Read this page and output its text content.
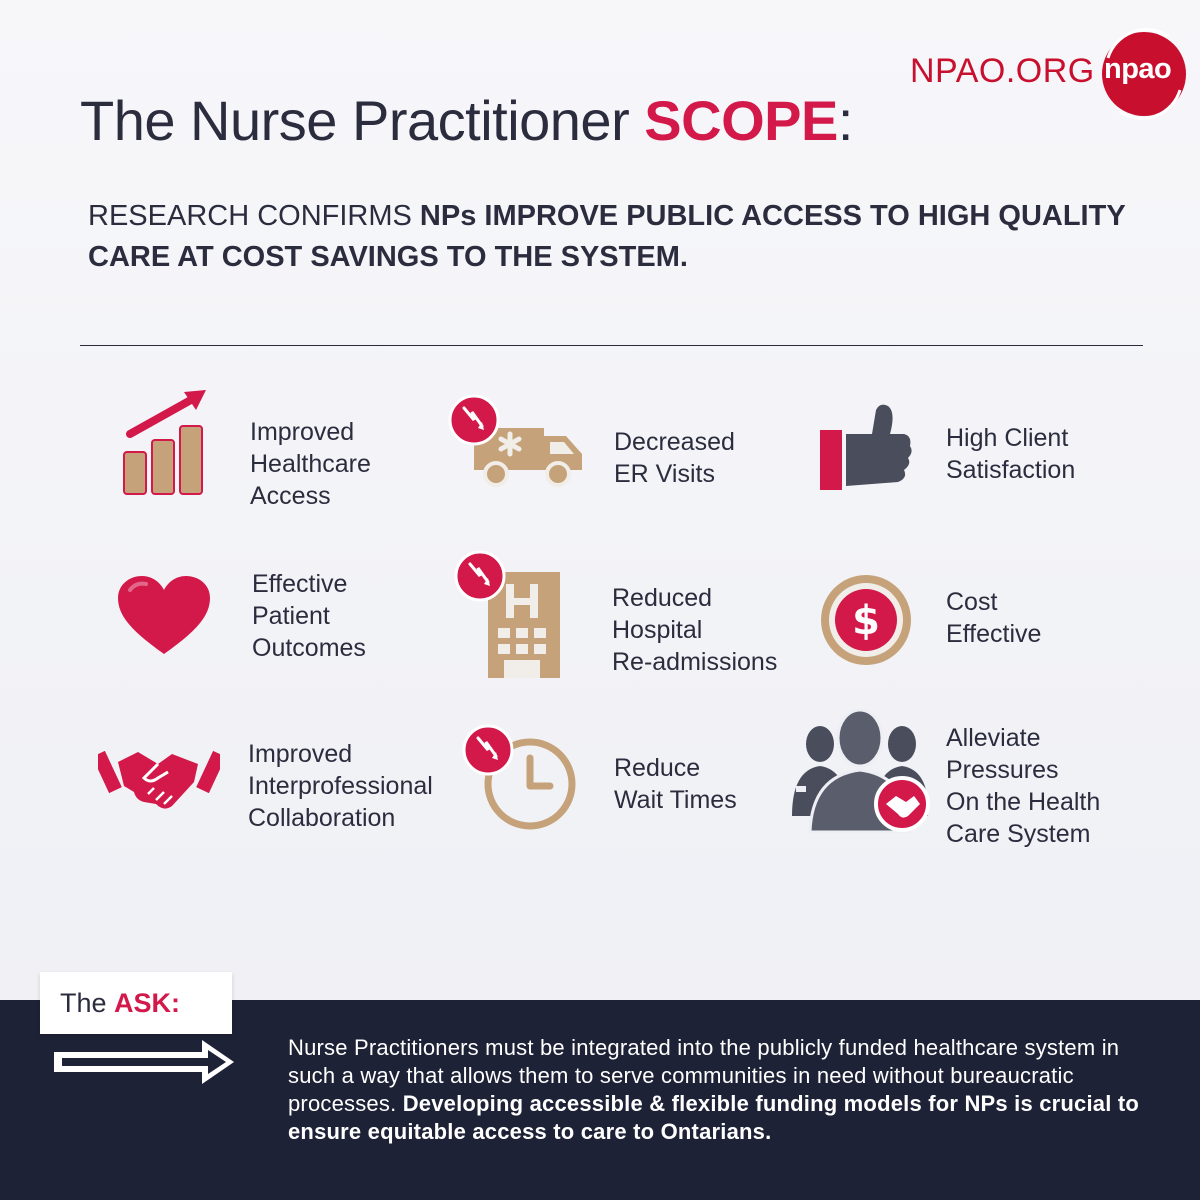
NPAO.ORG npao
The Nurse Practitioner SCOPE:
RESEARCH CONFIRMS NPs IMPROVE PUBLIC ACCESS TO HIGH QUALITY CARE AT COST SAVINGS TO THE SYSTEM.
Improved
Healthcare
Access
Decreased
ER Visits
High Client
Satisfaction
Effective
Patient
Outcomes
Reduced
Hospital
Re-admissions
$	Cost
Effective
Improved
Interprofessional
Collaboration
Reduce
Wait Times
Alleviate
Pressures
On the Health
Care System
The ASK:
Nurse Practitioners must be integrated into the publicly funded healthcare system in such a way that allows them to serve communities in need without bureaucratic processes. Developing accessible & flexible funding models for NPs is crucial to ensure equitable access to care to Ontarians.
